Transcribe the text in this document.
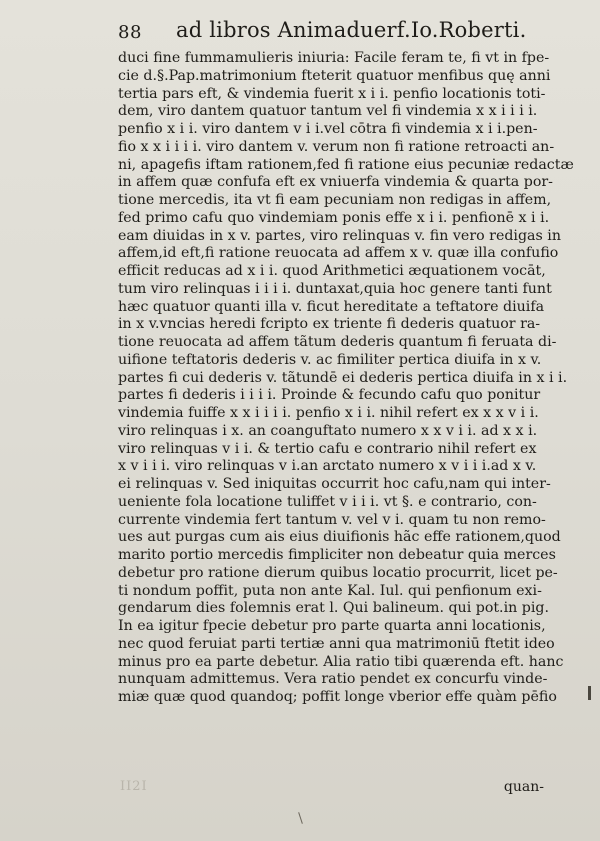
88 ad libros Animaduerf.Io.Roberti.
duci fine fummamulieris iniuria: Facile feram te, fi vt in fpe-
cie d.§.Pap.matrimonium fteterit quatuor menfibus quę anni
tertia pars eft, & vindemia fuerit x i i. penfio locationis toti-
dem, viro dantem quatuor tantum vel fi vindemia x x i i i i.
penfio x i i. viro dantem v i i.vel cōtra fi vindemia x i i.pen-
fio x x i i i i. viro dantem v. verum non fi ratione retroacti an-
ni, apagefis iftam rationem,fed fi ratione eius pecuniæ redactæ
in affem quæ confufa eft ex vniuerfa vindemia & quarta por-
tione mercedis, ita vt fi eam pecuniam non redigas in affem,
fed primo cafu quo vindemiam ponis effe x i i. penfionē x i i.
eam diuidas in x v. partes, viro relinquas v. fin vero redigas in
affem,id eft,fi ratione reuocata ad affem x v. quæ illa confufio
efficit reducas ad x i i. quod Arithmetici æquationem vocāt,
tum viro relinquas i i i i. duntaxat,quia hoc genere tanti funt
hæc quatuor quanti illa v. ficut hereditate a teftatore diuifa
in x v.vncias heredi fcripto ex triente fi dederis quatuor ra-
tione reuocata ad affem tãtum dederis quantum fi feruata di-
uifione teftatoris dederis v. ac fimiliter pertica diuifa in x v.
partes fi cui dederis v. tãtundē ei dederis pertica diuifa in x i i.
partes fi dederis i i i i. Proinde & fecundo cafu quo ponitur
vindemia fuiffe x x i i i i. penfio x i i. nihil refert ex x x v i i.
viro relinquas i x. an coanguftato numero x x v i i. ad x x i.
viro relinquas v i i. & tertio cafu e contrario nihil refert ex
x v i i i. viro relinquas v i.an arctato numero x v i i i.ad x v.
ei relinquas v. Sed iniquitas occurrit hoc cafu,nam qui inter-
ueniente fola locatione tuliffet v i i i. vt §. e contrario, con-
currente vindemia fert tantum v. vel v i. quam tu non remo-
ues aut purgas cum ais eius diuifionis hãc effe rationem,quod
marito portio mercedis fimpliciter non debeatur quia merces
debetur pro ratione dierum quibus locatio procurrit, licet pe-
ti nondum poffit, puta non ante Kal. Iul. qui penfionum exi-
gendarum dies folemnis erat l. Qui balineum. qui pot.in pig.
In ea igitur fpecie debetur pro parte quarta anni locationis,
nec quod feruiat parti tertiæ anni qua matrimoniū ftetit ideo
minus pro ea parte debetur. Alia ratio tibi quærenda eft. hanc
nunquam admittemus. Vera ratio pendet ex concurfu vinde-
miæ quæ quod quandoq; poffit longe vberior effe quàm pēfio
ΙΙ2Ι	quan-
